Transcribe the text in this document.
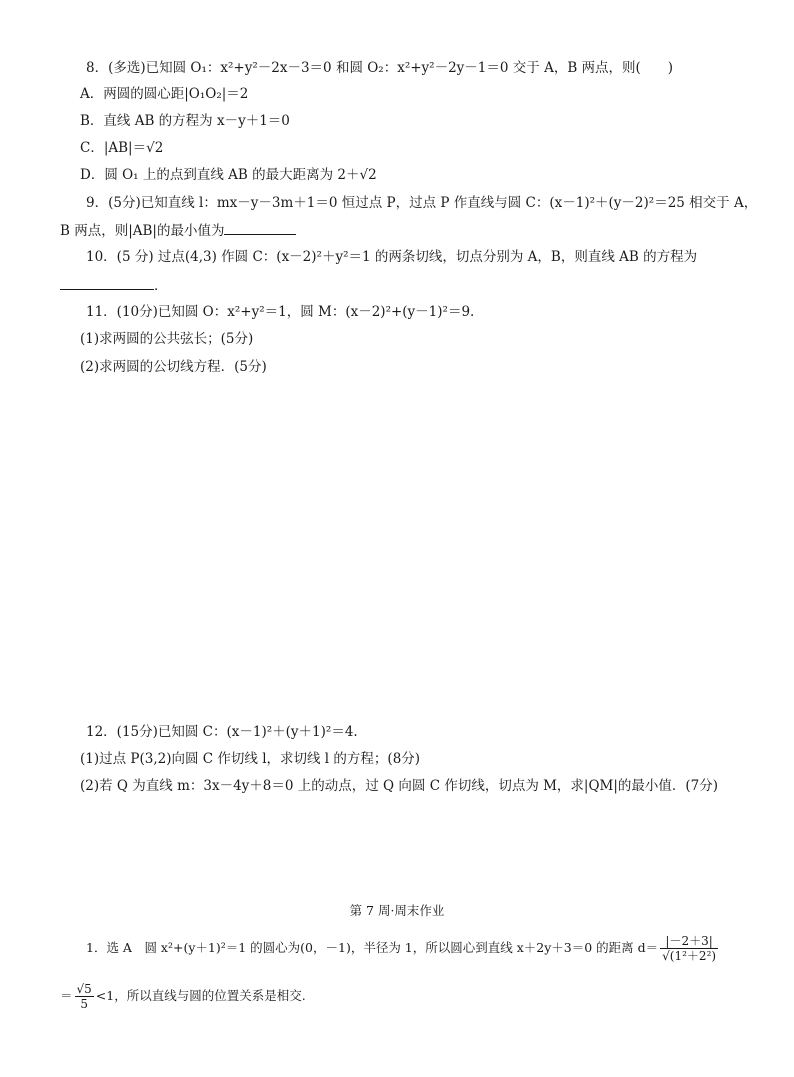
8．(多选)已知圆 O₁：x²+y²－2x－3＝0 和圆 O₂：x²+y²－2y－1＝0 交于 A，B 两点，则(　　)
A．两圆的圆心距|O₁O₂|＝2
B．直线 AB 的方程为 x－y＋1＝0
C．|AB|＝√2
D．圆 O₁ 上的点到直线 AB 的最大距离为 2＋√2
9．(5分)已知直线 l：mx－y－3m＋1＝0 恒过点 P，过点 P 作直线与圆 C：(x－1)²＋(y－2)²＝25 相交于 A，
B 两点，则|AB|的最小值为
10．(5 分) 过点(4,3) 作圆 C：(x－2)²＋y²＝1 的两条切线，切点分别为 A，B，则直线 AB 的方程为
．
11．(10分)已知圆 O：x²+y²＝1，圆 M：(x－2)²+(y－1)²＝9.
(1)求两圆的公共弦长；(5分)
(2)求两圆的公切线方程．(5分)
12．(15分)已知圆 C：(x－1)²＋(y＋1)²＝4.
(1)过点 P(3,2)向圆 C 作切线 l，求切线 l 的方程；(8分)
(2)若 Q 为直线 m：3x－4y＋8＝0 上的动点，过 Q 向圆 C 作切线，切点为 M，求|QM|的最小值．(7分)
第 7 周·周末作业
1．选 A　圆 x²+(y＋1)²＝1 的圆心为(0，－1)，半径为 1，所以圆心到直线 x＋2y＋3＝0 的距离 $d= \frac{|-2+3|}{\text{√(1²＋2²)}}$
＝ $\frac{√5}{5} <1$，所以直线与圆的位置关系是相交.
